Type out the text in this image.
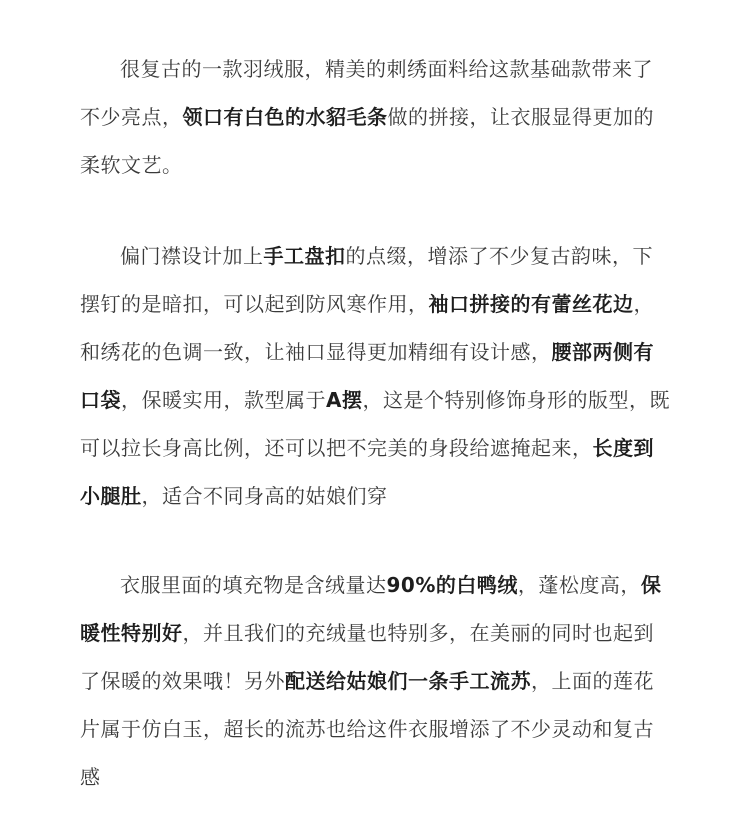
很复古的一款羽绒服，精美的刺绣面料给这款基础款带来了不少亮点，领口有白色的水貂毛条做的拼接，让衣服显得更加的柔软文艺。

偏门襟设计加上手工盘扣的点缀，增添了不少复古韵味，下摆钉的是暗扣，可以起到防风寒作用，袖口拼接的有蕾丝花边，和绣花的色调一致，让袖口显得更加精细有设计感，腰部两侧有口袋，保暖实用，款型属于A摆，这是个特别修饰身形的版型，既可以拉长身高比例，还可以把不完美的身段给遮掩起来，长度到小腿肚，适合不同身高的姑娘们穿

衣服里面的填充物是含绒量达90%的白鸭绒，蓬松度高，保暖性特别好，并且我们的充绒量也特别多，在美丽的同时也起到了保暖的效果哦！另外配送给姑娘们一条手工流苏，上面的莲花片属于仿白玉，超长的流苏也给这件衣服增添了不少灵动和复古感
